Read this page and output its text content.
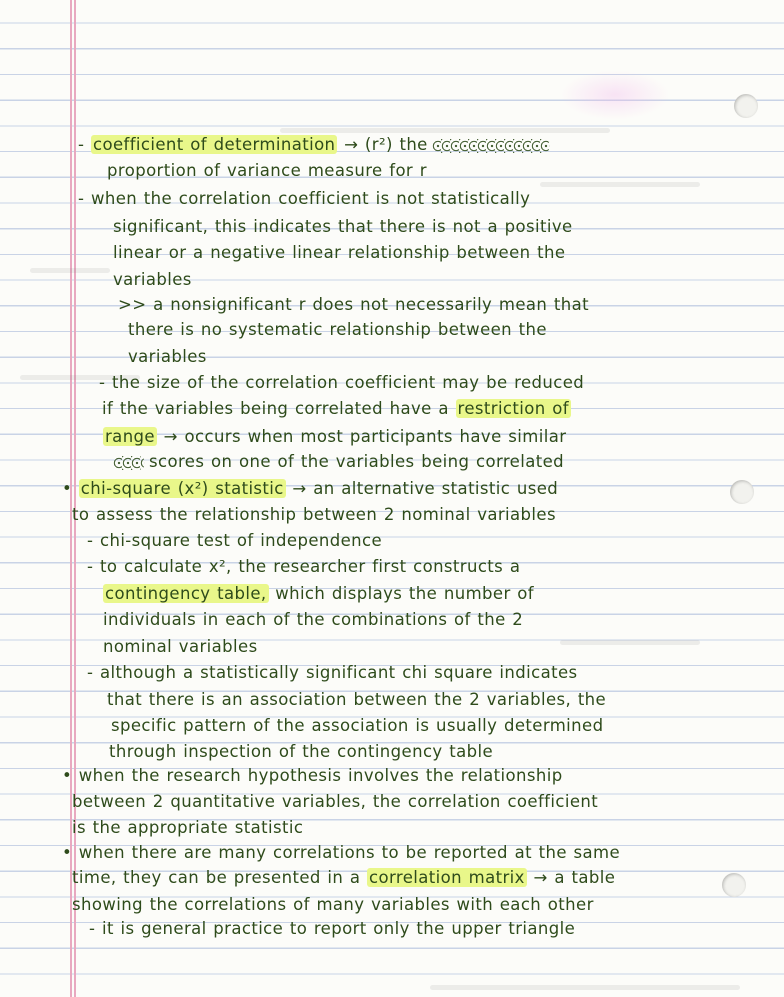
- coefficient of determination → (r²) the
proportion of variance measure for r
- when the correlation coefficient is not statistically
significant, this indicates that there is not a positive
linear or a negative linear relationship between the
variables
>> a nonsignificant r does not necessarily mean that
there is no systematic relationship between the
variables
- the size of the correlation coefficient may be reduced
if the variables being correlated have a restriction of
range → occurs when most participants have similar
scores on one of the variables being correlated
• chi-square (x²) statistic → an alternative statistic used
to assess the relationship between 2 nominal variables
- chi-square test of independence
- to calculate x², the researcher first constructs a
contingency table, which displays the number of
individuals in each of the combinations of the 2
nominal variables
- although a statistically significant chi square indicates
that there is an association between the 2 variables, the
specific pattern of the association is usually determined
through inspection of the contingency table
• when the research hypothesis involves the relationship
between 2 quantitative variables, the correlation coefficient
is the appropriate statistic
• when there are many correlations to be reported at the same
time, they can be presented in a correlation matrix → a table
showing the correlations of many variables with each other
- it is general practice to report only the upper triangle
